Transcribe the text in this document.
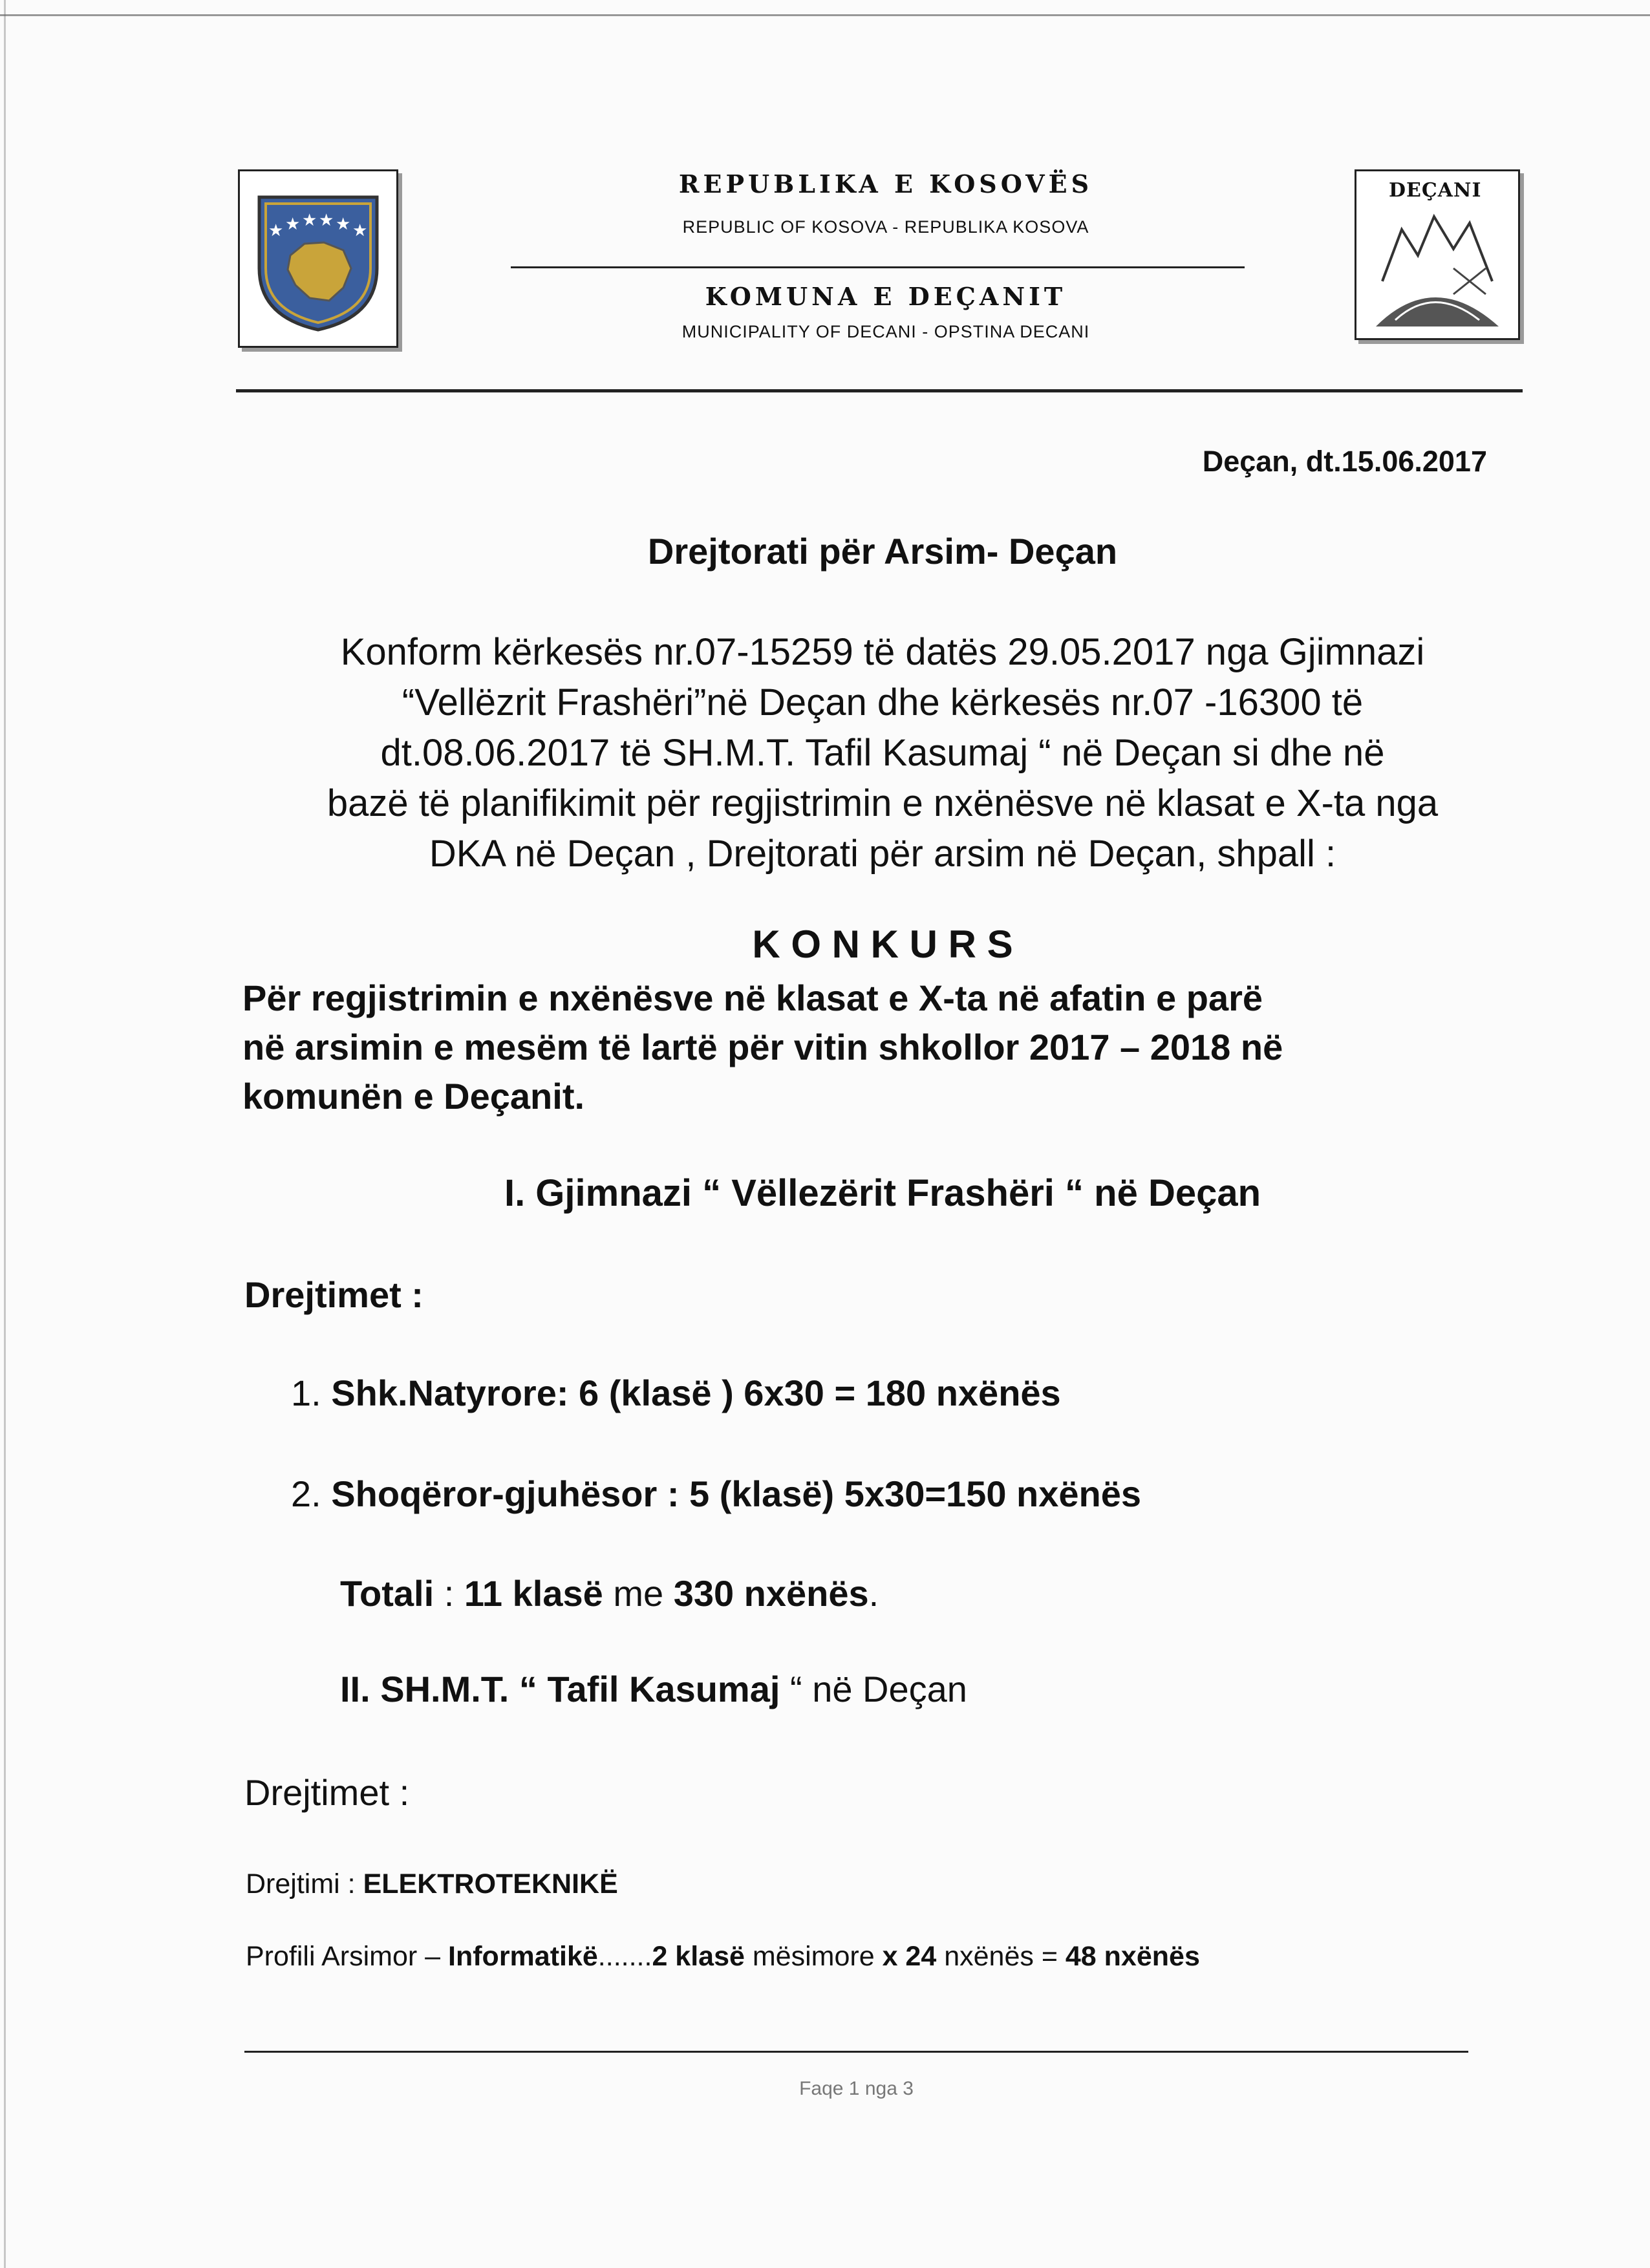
★ ★ ★ ★ ★ ★
REPUBLIKA E KOSOVËS
REPUBLIC OF KOSOVA - REPUBLIKA KOSOVA
KOMUNA E DEÇANIT
MUNICIPALITY OF DECANI - OPSTINA DECANI
DEÇANI
Deçan, dt.15.06.2017
Drejtorati për Arsim- Deçan
Konform kërkesës nr.07-15259 të datës 29.05.2017 nga Gjimnazi
“Vellëzrit Frashëri”në Deçan dhe kërkesës nr.07 -16300 të
dt.08.06.2017 të SH.M.T. Tafil Kasumaj “ në Deçan si dhe në
bazë të planifikimit për regjistrimin e nxënësve në klasat e X-ta nga
DKA në Deçan , Drejtorati për arsim në Deçan, shpall :
K O N K U R S
Për regjistrimin e nxënësve në klasat e X-ta në afatin e parë
në arsimin e mesëm të lartë për vitin shkollor 2017 – 2018 në
komunën e Deçanit.
I. Gjimnazi “ Vëllezërit Frashëri “ në Deçan
Drejtimet :
1. Shk.Natyrore: 6 (klasë ) 6x30 = 180 nxënës
2. Shoqëror-gjuhësor : 5 (klasë) 5x30=150 nxënës
Totali : 11 klasë me 330 nxënës.
II. SH.M.T. “ Tafil Kasumaj “ në Deçan
Drejtimet :
Drejtimi : ELEKTROTEKNIKË
Profili Arsimor – Informatikë.......2 klasë mësimore x 24 nxënës = 48 nxënës
Faqe 1 nga 3
